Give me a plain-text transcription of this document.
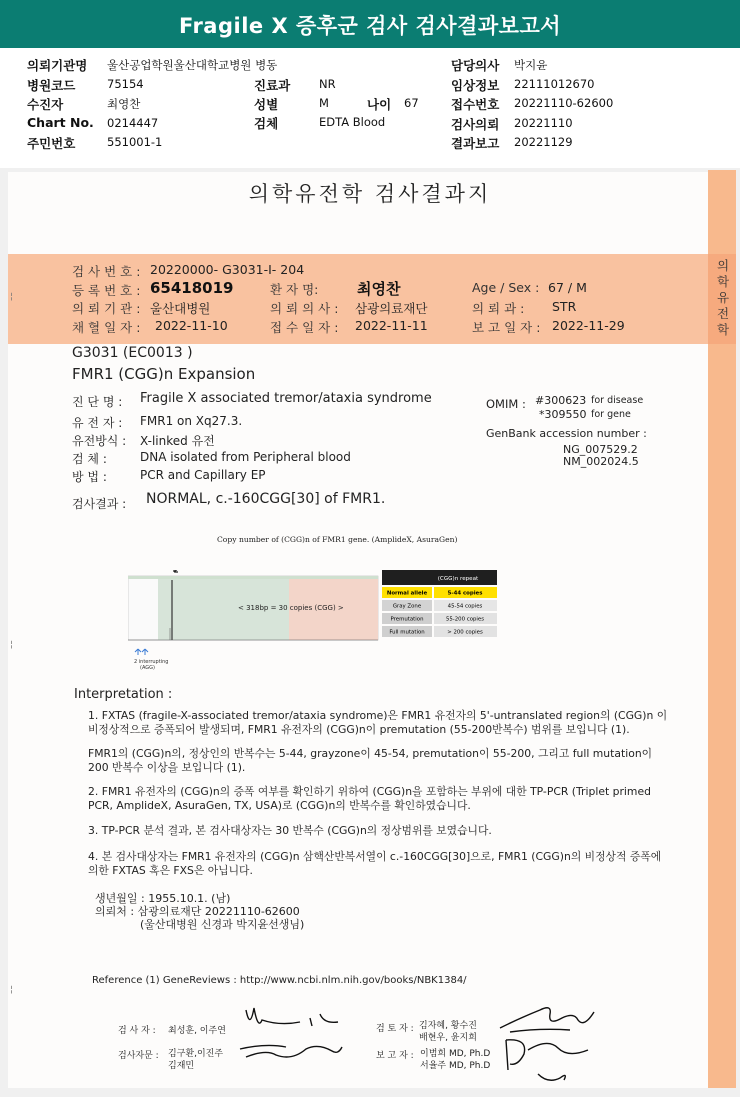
Fragile X 증후군 검사 검사결과보고서
의뢰기관명 울산공업학원울산대학교병원 병동	담당의사 박지윤
병원코드	75154	진료과	NR	임상정보 22111012670
수진자	최영찬	성별	M	나이 67	접수번호 20221110-62600
Chart No. 0214447	검체	EDTA Blood	검사의뢰 20221110
주민번호	551001-1	결과보고 20221129
¦
¦
¦
의학유전학 검사결과지
의학유전학
검 사 번 호 : 20220000- G3031-I- 204
등 록 번 호 : 65418019	환 자 명:	최영찬	Age / Sex : 67 / M
의 뢰 기 관 : 울산대병원	의 뢰 의 사 : 삼광의료재단	의 뢰 과 : STR
채 혈 일 자 : 2022-11-10	접 수 일 자 : 2022-11-11	보 고 일 자 : 2022-11-29
G3031 (EC0013 )
FMR1 (CGG)n Expansion
진 단 명 : Fragile X associated tremor/ataxia syndrome
유 전 자 : FMR1 on Xq27.3.
유전방식 : X-linked 유전
검 체 :	DNA isolated from Peripheral blood
방 법 :	PCR and Capillary EP
OMIM : #300623 for disease
*309550 for gene
GenBank accession number :
NG_007529.2
NM_002024.5
검사결과 : NORMAL, c.-160CGG[30] of FMR1.
Copy number of (CGG)n of FMR1 gene. (AmplideX, AsuraGen)
< 318bp = 30 copies (CGG) >
2 interrupting
(AGG)
(CGG)n repeat
Normal allele	5-44 copies
Gray Zone	45-54 copies
Premutation	55-200 copies
Full mutation	> 200 copies
Interpretation :
1. FXTAS (fragile-X-associated tremor/ataxia syndrome)은 FMR1 유전자의 5'-untranslated region의 (CGG)n 이 비정상적으로 증폭되어 발생되며, FMR1 유전자의 (CGG)n이 premutation (55-200반복수) 범위를 보입니다 (1).
FMR1의 (CGG)n의, 정상인의 반복수는 5-44, grayzone이 45-54, premutation이 55-200, 그리고 full mutation이 200 반복수 이상을 보입니다 (1).
2. FMR1 유전자의 (CGG)n의 증폭 여부를 확인하기 위하여 (CGG)n을 포함하는 부위에 대한 TP-PCR (Triplet primed PCR, AmplideX, AsuraGen, TX, USA)로 (CGG)n의 반복수를 확인하였습니다.
3. TP-PCR 분석 결과, 본 검사대상자는 30 반복수 (CGG)n의 정상범위를 보였습니다.
4. 본 검사대상자는 FMR1 유전자의 (CGG)n 삼핵산반복서열이 c.-160CGG[30]으로, FMR1 (CGG)n의 비정상적 증폭에 의한 FXTAS 혹은 FXS은 아닙니다.
생년월일 : 1955.10.1. (남)
의뢰처 : 삼광의료재단 20221110-62600
(울산대병원 신경과 박지윤선생님)
Reference (1) GeneReviews : http://www.ncbi.nlm.nih.gov/books/NBK1384/
검 사 자 : 최성훈, 이주연	검 토 자 : 김자혜, 황수진
배현우, 윤지희
검사자문 : 김구환,이진주
김재민
보 고 자 : 이범희 MD, Ph.D
서율주 MD, Ph.D
